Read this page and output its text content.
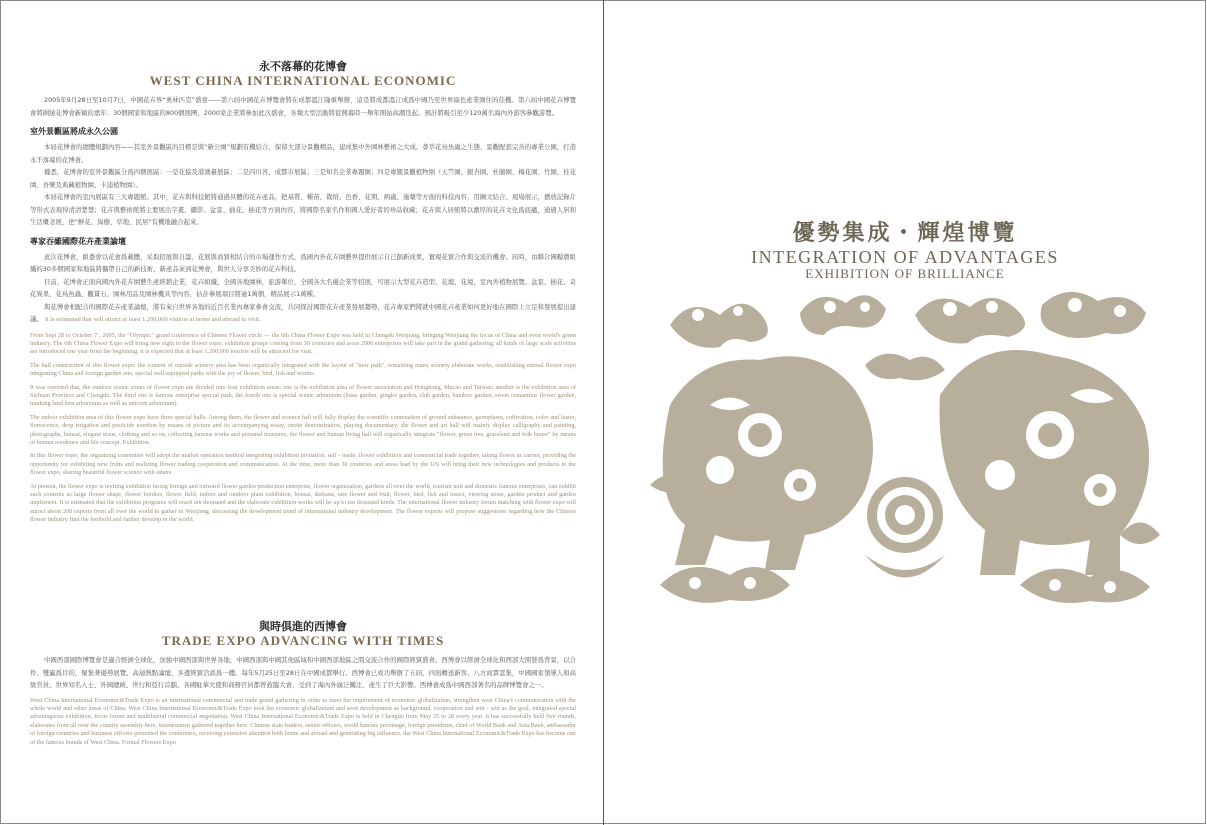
永不落幕的花博會
WEST CHINA INTERNATIONAL ECONOMIC

2005年9月28日至10月7日，中國花卉界“奧林匹克”盛會——第六屆中國花卉博覽會將在成都溫江隆重舉辦，這是將成都溫江成爲中國乃至世界綠色產業園住的佳機。第六屆中國花卉博覽會將圍繞花博會新穎的嘉年：30個國家和地區的800個展團，2000家企業將參加此次盛會，各類大型活動將從開幕時一舉年開始高潮迭起。預計將吸引至少120萬名海內外游客參觀游覽。

室外景觀區將成永久公園

本屆花博會的總體規劃內容——其室外景觀區的目標是與“新公園”規劃有機結合，保留大部分景觀精品，建成集中外園林藝術之大成、薈萃花鳥魚蟲之生態、景觀配套完善的專業公園，打造永不落幕的花博會。

據悉，花博會的室外景觀區分爲四個展區：一是花協及港澳臺展區；二是四川省、成都市展區；三是知名企業專題園；四是專題景觀植物園（天竺園、銀杏園、杜鵑園、梅花園、竹園、桂花園、吾樂及典藏植物園、卡浦植物園）。

本屆花博會的室內展區有三大專題館。其中，花卉與科技館將通過具體的花卉產品，把基質、種苗、栽培、色香、花期、病蟲、施藥等方面的科技內容，用圖文結合、現場展示，播放記錄片等形式表現得清清楚楚；花卉與藝術館將主要展出字畫、攝影、盆景、插花、插花等方面內容，將國際名家名作和國人愛好者的珍品收藏；花卉與人居館將以濃厚的花卉文化爲底蘊，通過人居和生活概念展，把“鮮花、綠樹、草地、民居”有機地融合起來。

專家吞雖國際花卉產業論壇

此次花博會，組委會以花會爲載體，采取招展與自籌、花展與商貿相結合的市場運作方式，爲國內外花卉園藝界提供展示自己創新成果、實現花貿合作與交流的機會。屆時，由聯合國糧農組織的30多個國家和地區將攜帶自己的新技術、新產品來到花博會，與世人分享美妙的花卉科技。

目前，花博會正面向國內外花卉園藝生產經銷企業，花卉組織，全國各地園林，旅游單位，全國各大名優企業等招展，可展示大型花卉造型、花壇、花境，室內外植物展覽、盆景、插花、奇花異果、花鳥魚蟲、觀賞石、園林用品及園林機具等內容，估計參展項目將逾1萬個，精品展示1萬種。

與花博會相配合的國際花卉產業論壇，將有來自世界各地的近百名業內專家參會交流，共同探討國際花卉產業發展趨勢，花卉專家們將就中國花卉產業如何更好地在國際上立足和發展提出建議。 It is estimated that will attract at least 1,200,000 visitors at home and abroad to visit.

From Sept 28 to October 7 , 2005, the "Olympic" grand conference of Chinese Flower circle — the 6th China Flower Expo was held in Chengdu Wenjiang, bringing Wenjiang the focus of China and even world's green industry. The 6th China Flower Expo will bring new sight to the flower expo: exhibition groups coming from 30 countries and areas 2000 enterprises will take part in the grand gathering; all kinds of large scale activities are introduced one year from the beginning. it is expected that at least 1,200,000 tourists will be attracted for visit.

The hall construction of this flower expo: the content of outside scenery area has been organically integrated with the layout of "new park", remaining many scenery elaborate works, establishing eternal flower expo integrating China and foreign garden arts, special well-equipped parks with the joy of flower, bird, fish and worms.

It was reported that, the outdoor scenic zones of flower expo are divided into four exhibition areas: one is the exhibition area of flower association and Hongkong, Macao and Taiwan; another is the exhibition area of Sichuan Province and Chengdu. The third one is famous enterprise special park, the fourth one is special scenic arboretum (lotus garden, gingko garden, club garden, bamboo garden, sweet osmanthus flower garden, marking land fern arboretum as well as unicorn arboretum).

The indoor exhibition area of this flower expo have three special halls. Among them, the flower and science hall will fully display the scientific connotation of ground substance, germplasm, cultivation, color and luster, florescence, drop irrigation and pesticide exertion by means of picture and its accompanying essay, onsite demonstration, playing documentary; the flower and art hall will mainly display calligraphy and painting, photographs, bonsai, elegant stone, clothing and so on, collecting famous works and personal treasures; the flower and human living hall will organically integrate "flower, green tree, grassland and folk house" by means of human residence and life concept. Exhibition.

In this flower expo, the organizing committee will adopt the market operation method integrating exhibition invitation, self - made, flower exhibition and commercial trade together, taking flower as carrier, providing the opportunity for exhibiting new fruits and realizing flower trading cooperation and communication. At the time, more than 30 countries and areas lead by the UN will bring their new technologies and products to the flower expo, sharing beautiful flower science with others.

At present, the flower expo is inviting exhibition facing foreign and outward flower garden production enterprise, flower organization, gardens all over the world, tourism unit and domestic famous enterprises, can exhibit such contents as large flower shape, flower borders, flower field, indoor and outdoor plant exhibition, bonsai, ikebana, rare flower and fruit, flower, bird, fish and insect, viewing stone, garden product and garden implement. It is estimated that the exhibition programs will reach ten thousand and the elaborate exhibition works will be up to ten thousand kinds. The international flower industry forum matching with flower expo will attract about 200 experts from all over the world to gather in Wenjiang, discussing the development trend of international industry development. The flower experts will propose suggestions regarding how the Chinese flower industry find the foothold and further develop in the world.

與時俱進的西博會
TRADE EXPO ADVANCING WITH TIMES

中國西部國際博覽會是適合經濟全球化，加強中國西部與世界各地，中國西部與中國其他區域和中國西部地區之間交流合作的國際經貿盛會。西博會以經濟全球化和西部大開發爲背景，以合作、雙贏爲目的，聚集著優勢展覽、高層熱點論壇、多邊經貿洽談爲一體。每年5月25日至28日在中國成都舉行。西博會已成功舉辦了五屆，四面轉送新客、八方商賈雲集，中國國家領導人和高級官員、世界知名人士、外國總統、世行和亞行首腦、各國駐華大使和商務官員都曾蒞臨大會，受到了海內外廣泛關注，產生了巨大影響。西博會成爲中國西部著名的品牌博覽會之一。

West China International Economic&Trade Expo is an international commercial and trade grand gathering in order to meet the requirement of economic globalization, strengthen west China's communication with the whole world and other areas of China. West China International Economic&Trade Expo took the economic globalization and west development as background, cooperation and win - win as the goal, integrated special advantageous exhibition, focus forum and multilateral commercial negotiation. West China International Economic&Trade Expo is held in Chengdu from May 25 to 28 every year. it has successfully held five rounds, elaborates from all over the country assembly here, businessmen gathered together here. Chinese state leaders, senior officers, world famous personage, foreign presidents, chief of World Bank and Asia Bank, ambassador of foreign countries and business officers presented the conference, receiving extensive attention both home and abroad and generating big influence. the West China International Economic&Trade Expo has become one of the famous brands of West China. Formal Flowers Expo

優勢集成・輝煌博覽
INTEGRATION OF ADVANTAGES
EXHIBITION OF BRILLIANCE
